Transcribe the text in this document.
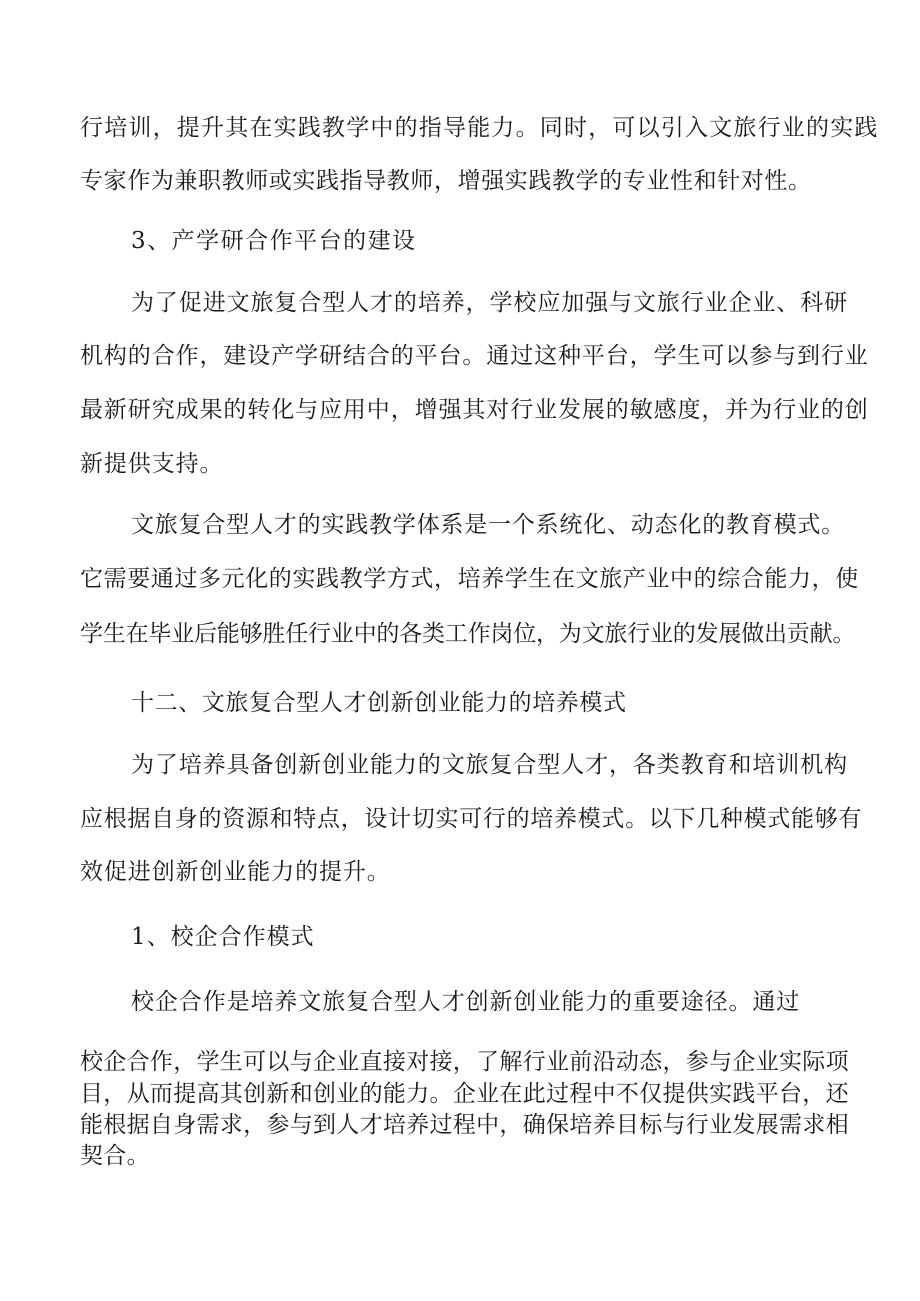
行培训，提升其在实践教学中的指导能力。同时，可以引入文旅行业的实践
专家作为兼职教师或实践指导教师，增强实践教学的专业性和针对性。
3、产学研合作平台的建设
为了促进文旅复合型人才的培养，学校应加强与文旅行业企业、科研
机构的合作，建设产学研结合的平台。通过这种平台，学生可以参与到行业
最新研究成果的转化与应用中，增强其对行业发展的敏感度，并为行业的创
新提供支持。
文旅复合型人才的实践教学体系是一个系统化、动态化的教育模式。
它需要通过多元化的实践教学方式，培养学生在文旅产业中的综合能力，使
学生在毕业后能够胜任行业中的各类工作岗位，为文旅行业的发展做出贡献。
十二、文旅复合型人才创新创业能力的培养模式
为了培养具备创新创业能力的文旅复合型人才，各类教育和培训机构
应根据自身的资源和特点，设计切实可行的培养模式。以下几种模式能够有
效促进创新创业能力的提升。
1、校企合作模式
校企合作是培养文旅复合型人才创新创业能力的重要途径。通过
校企合作，学生可以与企业直接对接，了解行业前沿动态，参与企业实际项
目，从而提高其创新和创业的能力。企业在此过程中不仅提供实践平台，还
能根据自身需求，参与到人才培养过程中，确保培养目标与行业发展需求相
契合。
